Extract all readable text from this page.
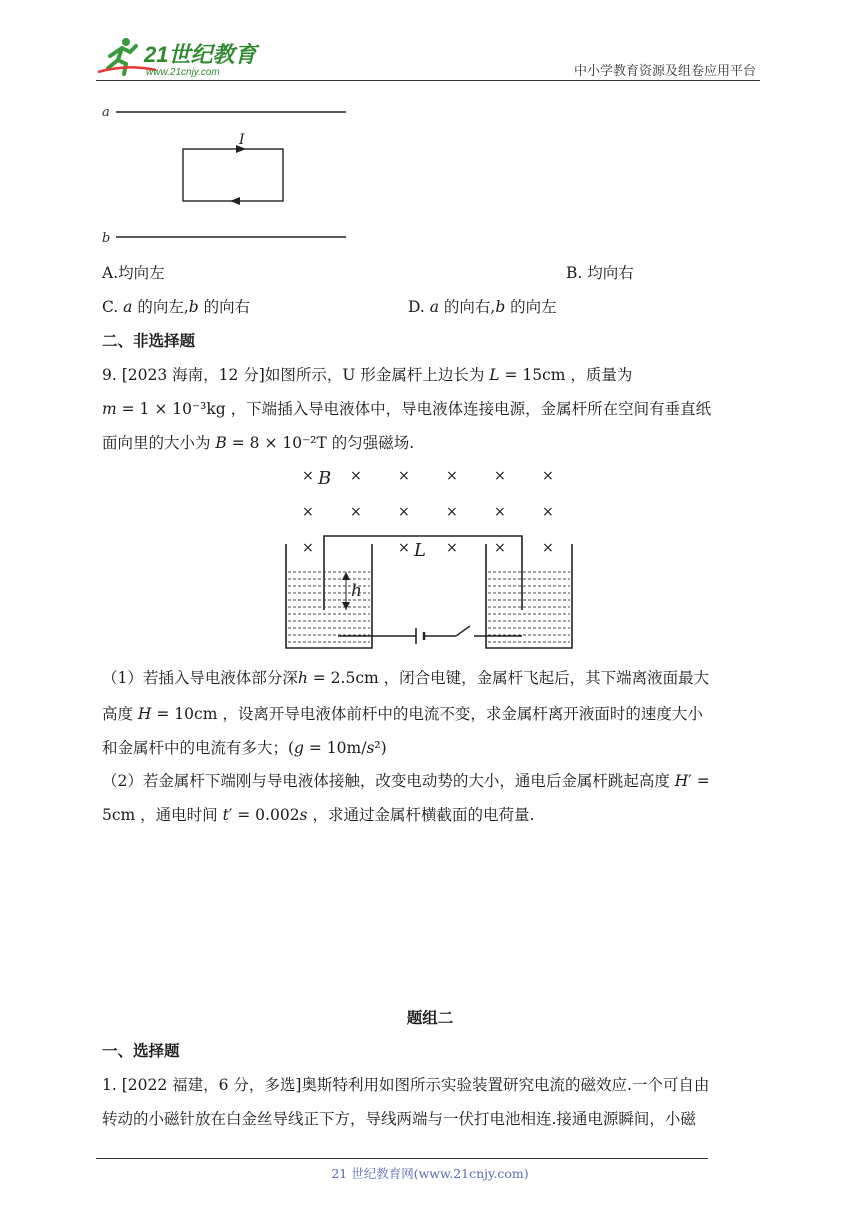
21世纪教育
www.21cnjy.com	中小学教育资源及组卷应用平台
a
I
b
A.均向左	B. 均向右
C. 𝑎 的向左,𝑏 的向右	D. 𝑎 的向右,𝑏 的向左
二、非选择题
9. [2023 海南，12 分]如图所示，U 形金属杆上边长为 𝐿 = 15cm ，质量为
𝑚 = 1 × 10⁻³kg ，下端插入导电液体中，导电液体连接电源，金属杆所在空间有垂直纸
面向里的大小为 𝐵 = 8 × 10⁻²T 的匀强磁场.
×	×	×	×	×	×
×	×	×	×	×	×
×	×	×	×	×
B
L
h
（1）若插入导电液体部分深ℎ = 2.5cm ，闭合电键，金属杆飞起后，其下端离液面最大
高度 𝐻 = 10cm ，设离开导电液体前杆中的电流不变，求金属杆离开液面时的速度大小
和金属杆中的电流有多大；(𝑔 = 10m/𝑠²)
（2）若金属杆下端刚与导电液体接触，改变电动势的大小，通电后金属杆跳起高度 𝐻′ =
5cm ，通电时间 𝑡′ = 0.002𝑠 ，求通过金属杆横截面的电荷量.
题组二
一、选择题
1. [2022 福建，6 分，多选]奥斯特利用如图所示实验装置研究电流的磁效应.一个可自由
转动的小磁针放在白金丝导线正下方，导线两端与一伏打电池相连.接通电源瞬间，小磁
21 世纪教育网(www.21cnjy.com)
